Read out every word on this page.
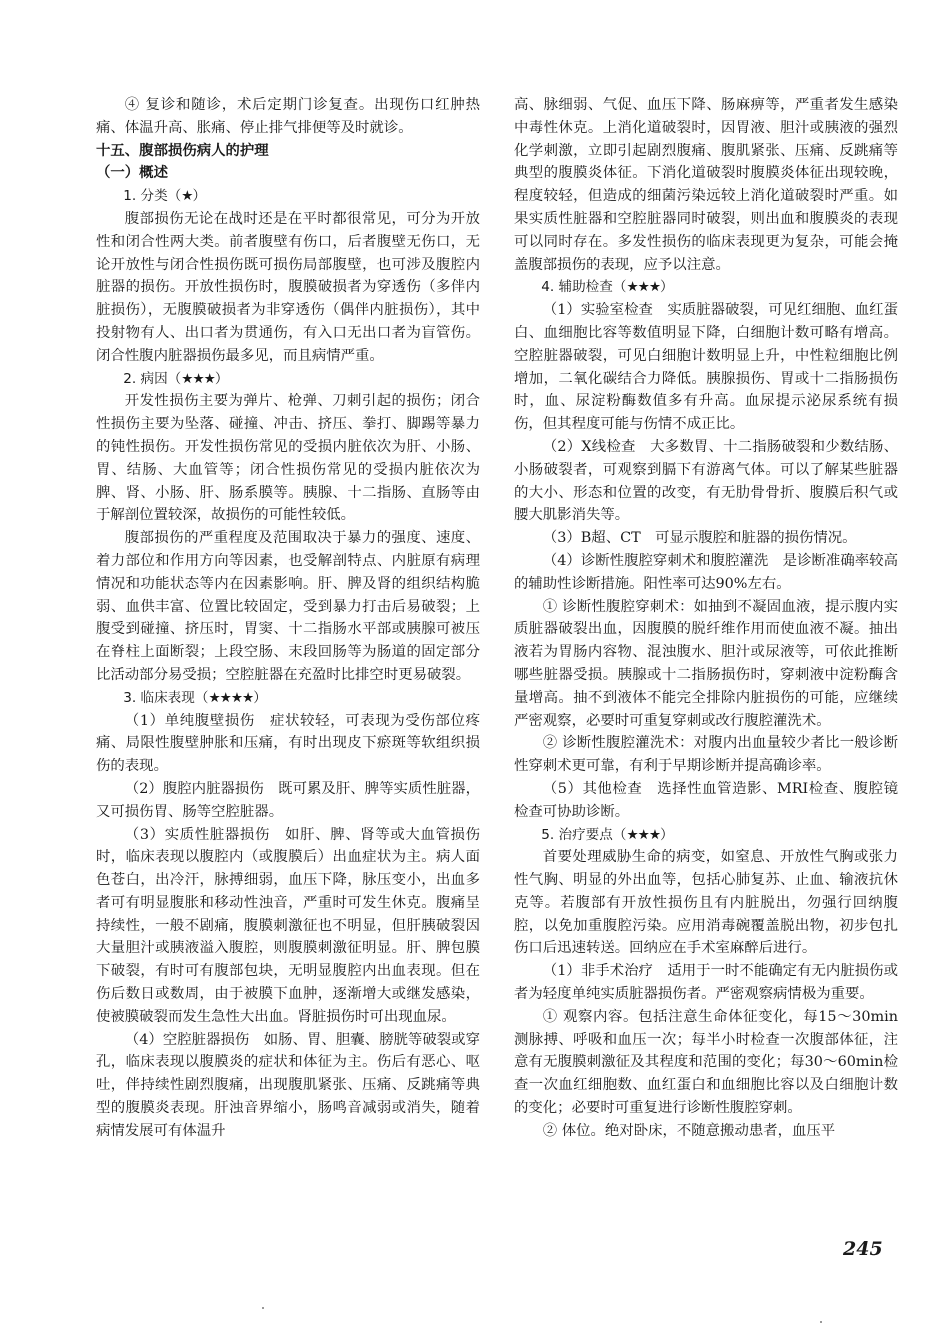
④ 复诊和随诊，术后定期门诊复查。出现伤口红肿热痛、体温升高、胀痛、停止排气排便等及时就诊。

十五、腹部损伤病人的护理

（一）概述

1. 分类（★）

腹部损伤无论在战时还是在平时都很常见，可分为开放性和闭合性两大类。前者腹壁有伤口，后者腹壁无伤口，无论开放性与闭合性损伤既可损伤局部腹壁，也可涉及腹腔内脏器的损伤。开放性损伤时，腹膜破损者为穿透伤（多伴内脏损伤），无腹膜破损者为非穿透伤（偶伴内脏损伤），其中投射物有人、出口者为贯通伤，有入口无出口者为盲管伤。闭合性腹内脏器损伤最多见，而且病情严重。

2. 病因（★★★）

开发性损伤主要为弹片、枪弹、刀刺引起的损伤；闭合性损伤主要为坠落、碰撞、冲击、挤压、拳打、脚踢等暴力的钝性损伤。开发性损伤常见的受损内脏依次为肝、小肠、胃、结肠、大血管等；闭合性损伤常见的受损内脏依次为脾、肾、小肠、肝、肠系膜等。胰腺、十二指肠、直肠等由于解剖位置较深，故损伤的可能性较低。

腹部损伤的严重程度及范围取决于暴力的强度、速度、着力部位和作用方向等因素，也受解剖特点、内脏原有病理情况和功能状态等内在因素影响。肝、脾及肾的组织结构脆弱、血供丰富、位置比较固定，受到暴力打击后易破裂；上腹受到碰撞、挤压时，胃窦、十二指肠水平部或胰腺可被压在脊柱上面断裂；上段空肠、末段回肠等为肠道的固定部分比活动部分易受损；空腔脏器在充盈时比排空时更易破裂。

3. 临床表现（★★★★）

（1）单纯腹壁损伤　症状较轻，可表现为受伤部位疼痛、局限性腹壁肿胀和压痛，有时出现皮下瘀斑等软组织损伤的表现。

（2）腹腔内脏器损伤　既可累及肝、脾等实质性脏器，又可损伤胃、肠等空腔脏器。

（3）实质性脏器损伤　如肝、脾、肾等或大血管损伤时，临床表现以腹腔内（或腹膜后）出血症状为主。病人面色苍白，出冷汗，脉搏细弱，血压下降，脉压变小，出血多者可有明显腹胀和移动性浊音，严重时可发生休克。腹痛呈持续性，一般不剧痛，腹膜刺激征也不明显，但肝胰破裂因大量胆汁或胰液溢入腹腔，则腹膜刺激征明显。肝、脾包膜下破裂，有时可有腹部包块，无明显腹腔内出血表现。但在伤后数日或数周，由于被膜下血肿，逐渐增大或继发感染，使被膜破裂而发生急性大出血。肾脏损伤时可出现血尿。

（4）空腔脏器损伤　如肠、胃、胆囊、膀胱等破裂或穿孔，临床表现以腹膜炎的症状和体征为主。伤后有恶心、呕吐，伴持续性剧烈腹痛，出现腹肌紧张、压痛、反跳痛等典型的腹膜炎表现。肝浊音界缩小，肠鸣音减弱或消失，随着病情发展可有体温升

高、脉细弱、气促、血压下降、肠麻痹等，严重者发生感染中毒性休克。上消化道破裂时，因胃液、胆汁或胰液的强烈化学刺激，立即引起剧烈腹痛、腹肌紧张、压痛、反跳痛等典型的腹膜炎体征。下消化道破裂时腹膜炎体征出现较晚，程度较轻，但造成的细菌污染远较上消化道破裂时严重。如果实质性脏器和空腔脏器同时破裂，则出血和腹膜炎的表现可以同时存在。多发性损伤的临床表现更为复杂，可能会掩盖腹部损伤的表现，应予以注意。

4. 辅助检查（★★★）

（1）实验室检查　实质脏器破裂，可见红细胞、血红蛋白、血细胞比容等数值明显下降，白细胞计数可略有增高。空腔脏器破裂，可见白细胞计数明显上升，中性粒细胞比例增加，二氧化碳结合力降低。胰腺损伤、胃或十二指肠损伤时，血、尿淀粉酶数值多有升高。血尿提示泌尿系统有损伤，但其程度可能与伤情不成正比。

（2）X线检查　大多数胃、十二指肠破裂和少数结肠、小肠破裂者，可观察到膈下有游离气体。可以了解某些脏器的大小、形态和位置的改变，有无肋骨骨折、腹膜后积气或腰大肌影消失等。

（3）B超、CT　可显示腹腔和脏器的损伤情况。

（4）诊断性腹腔穿刺术和腹腔灌洗　是诊断准确率较高的辅助性诊断措施。阳性率可达90%左右。

① 诊断性腹腔穿刺术：如抽到不凝固血液，提示腹内实质脏器破裂出血，因腹膜的脱纤维作用而使血液不凝。抽出液若为胃肠内容物、混浊腹水、胆汁或尿液等，可依此推断哪些脏器受损。胰腺或十二指肠损伤时，穿刺液中淀粉酶含量增高。抽不到液体不能完全排除内脏损伤的可能，应继续严密观察，必要时可重复穿刺或改行腹腔灌洗术。

② 诊断性腹腔灌洗术：对腹内出血量较少者比一般诊断性穿刺术更可靠，有利于早期诊断并提高确诊率。

（5）其他检查　选择性血管造影、MRI检查、腹腔镜检查可协助诊断。

5. 治疗要点（★★★）

首要处理威胁生命的病变，如窒息、开放性气胸或张力性气胸、明显的外出血等，包括心肺复苏、止血、输液抗休克等。若腹部有开放性损伤且有内脏脱出，勿强行回纳腹腔，以免加重腹腔污染。应用消毒碗覆盖脱出物，初步包扎伤口后迅速转送。回纳应在手术室麻醉后进行。

（1）非手术治疗　适用于一时不能确定有无内脏损伤或者为轻度单纯实质脏器损伤者。严密观察病情极为重要。

① 观察内容。包括注意生命体征变化，每15～30min测脉搏、呼吸和血压一次；每半小时检查一次腹部体征，注意有无腹膜刺激征及其程度和范围的变化；每30～60min检查一次血红细胞数、血红蛋白和血细胞比容以及白细胞计数的变化；必要时可重复进行诊断性腹腔穿刺。

② 体位。绝对卧床，不随意搬动患者，血压平

245
